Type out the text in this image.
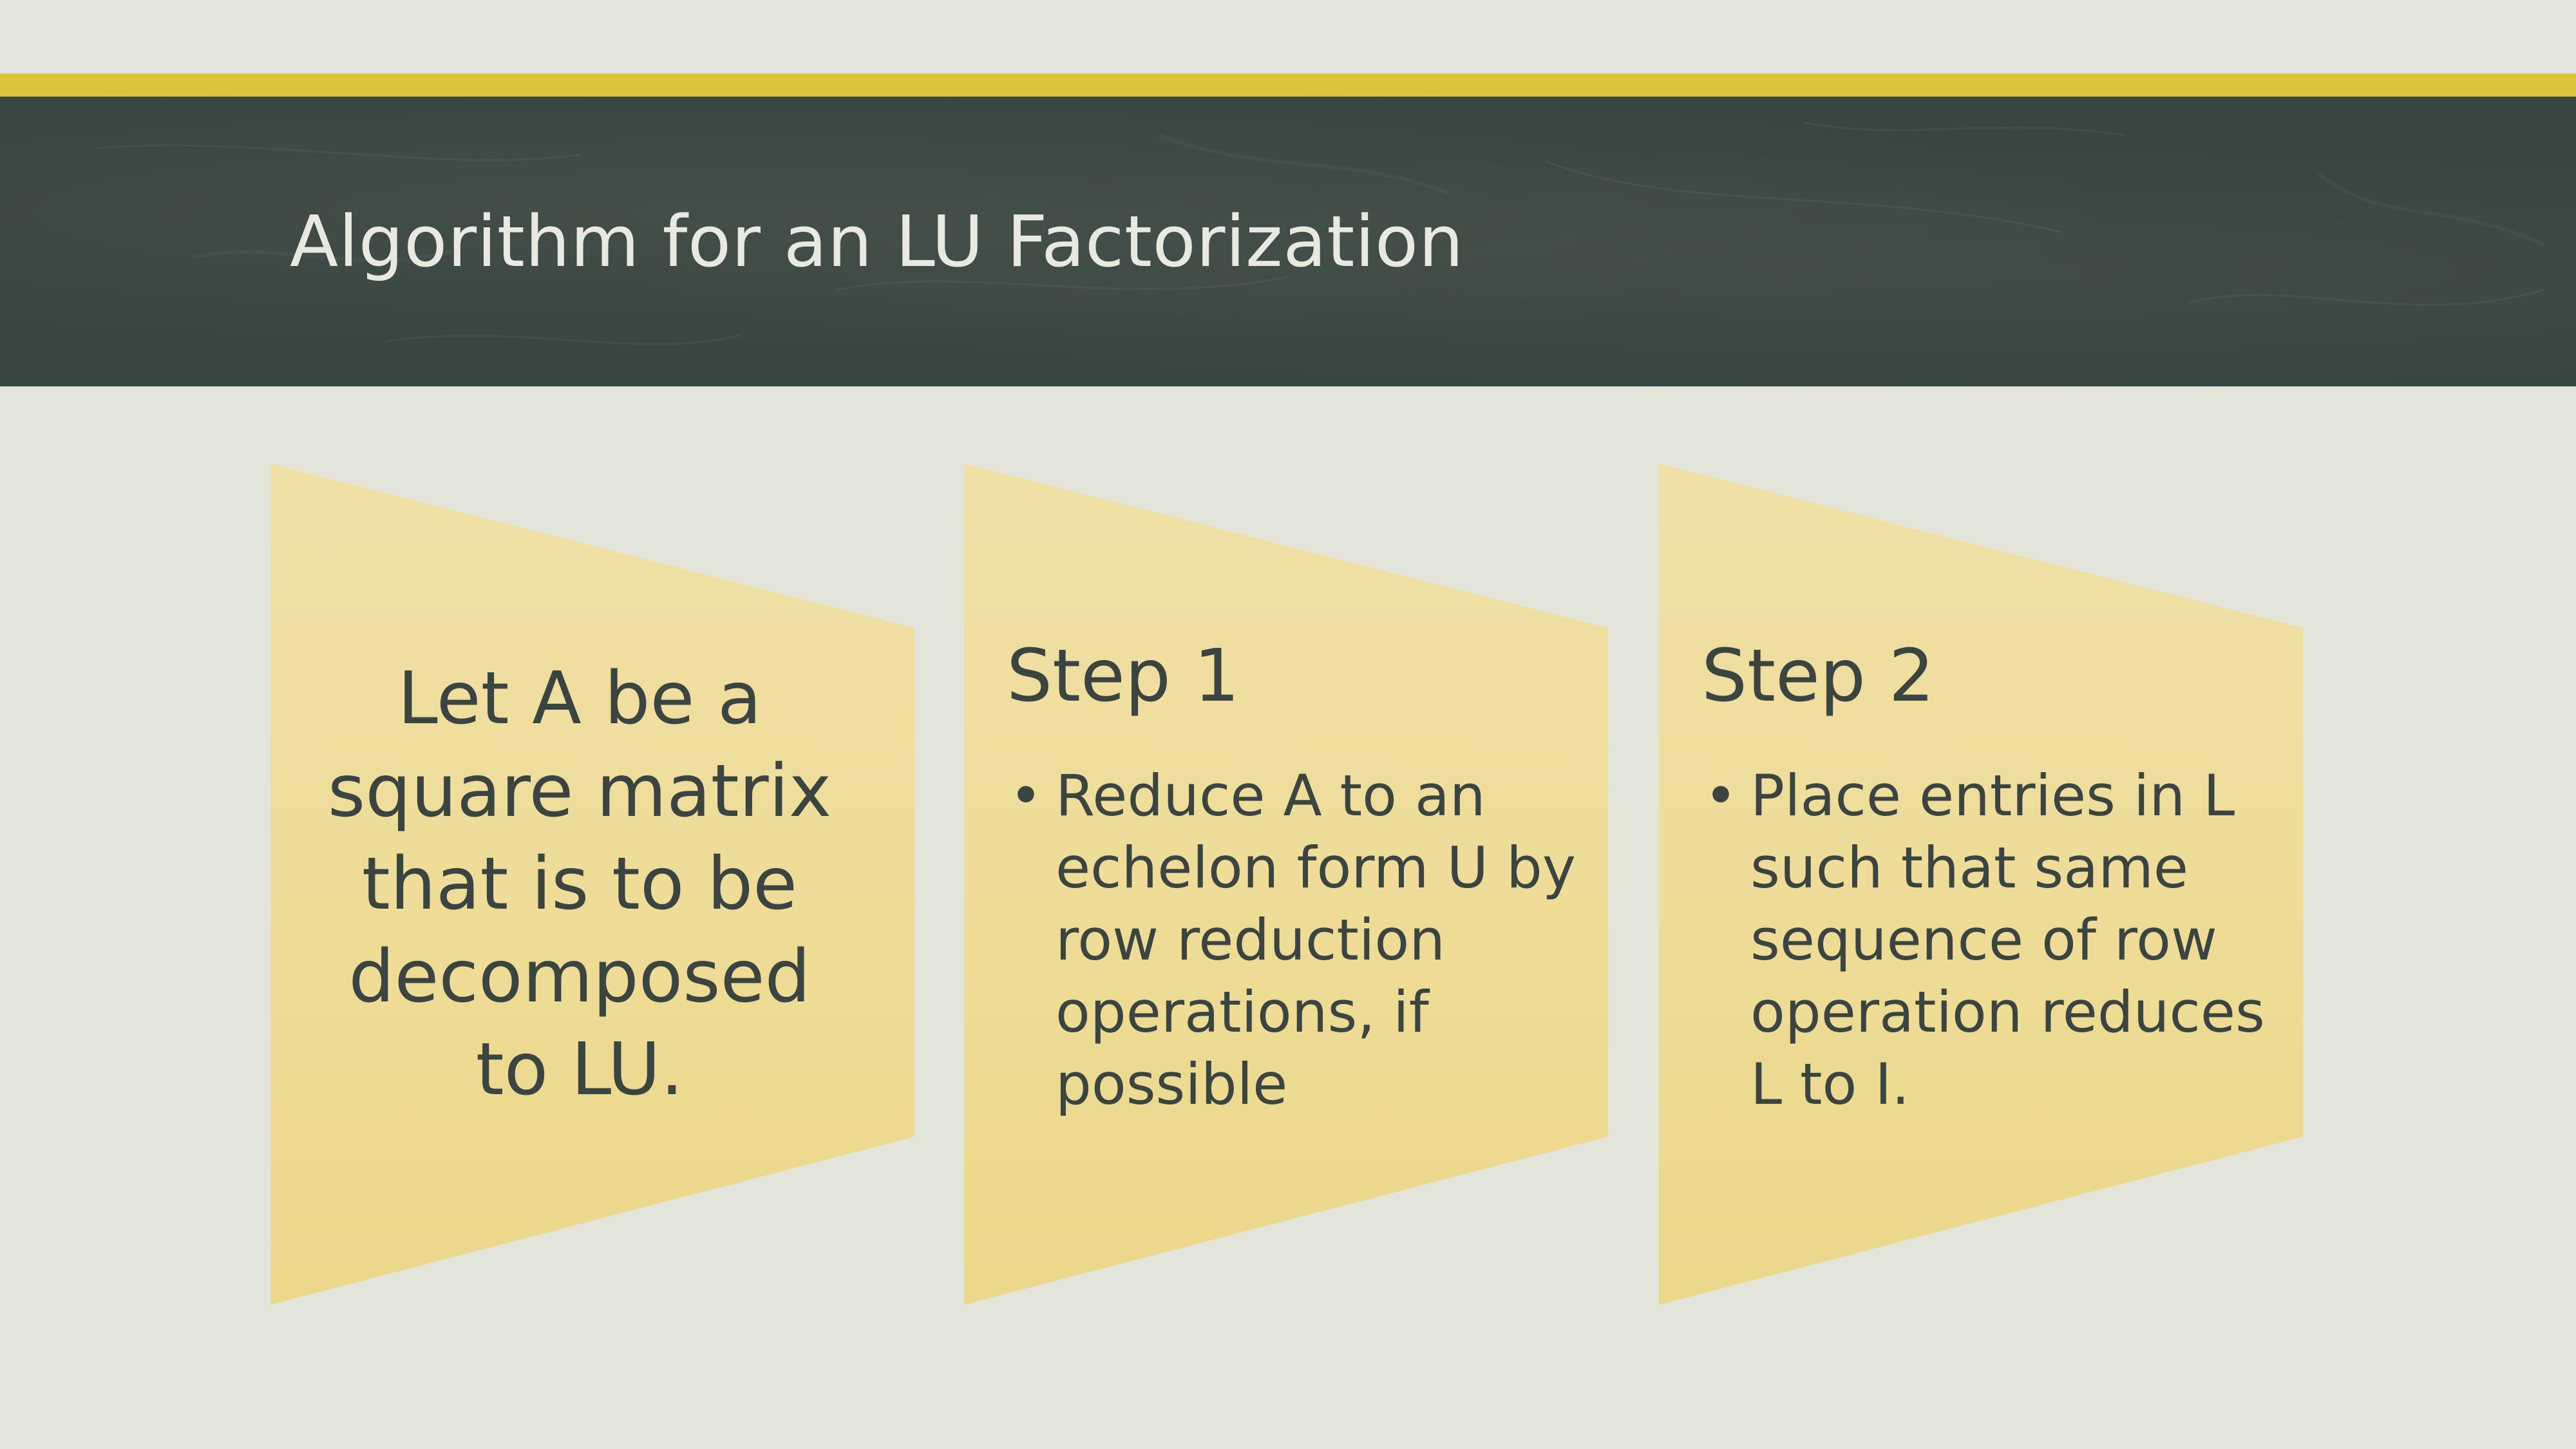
Algorithm for an LU Factorization
Let A be a square matrix that is to be decomposed to LU.
Step 1
• Reduce A to an echelon form U by row reduction operations, if possible
Step 2
• Place entries in L such that same sequence of row operation reduces L to I.
